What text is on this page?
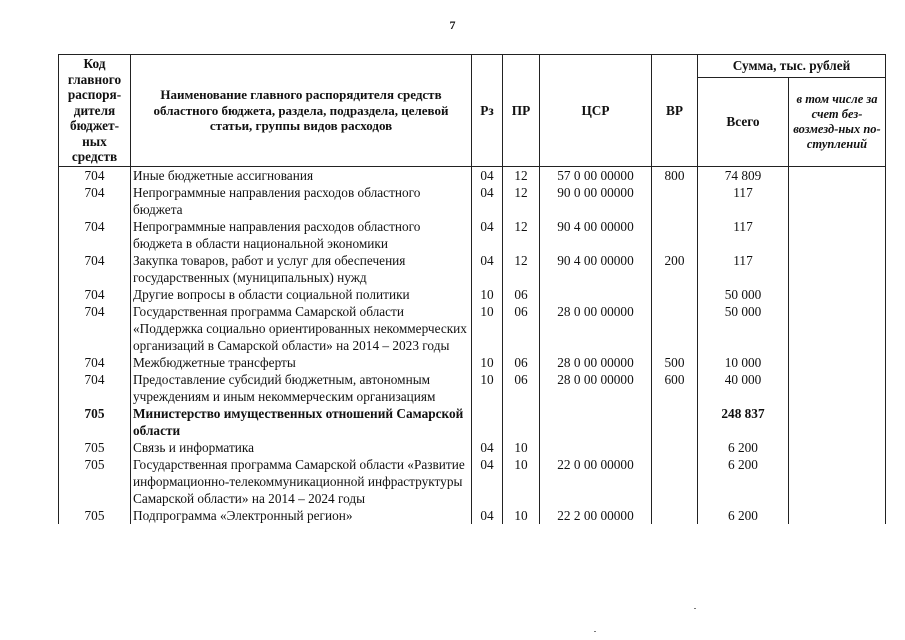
7
Код главного распоря-дителя бюджет-ных средств	Наименование главного распорядителя средств областного бюджета, раздела, подраздела, целевой статьи, группы видов расходов	Рз	ПР	ЦСР	ВР	Сумма, тыс. рублей	
						Всего	в том числе за счет без-возмезд-ных по-ступлений
704	Иные бюджетные ассигнования	04	12	57 0 00 00000	800	74 809	
704	Непрограммные направления расходов областного бюджета	04	12	90 0 00 00000		117	
704	Непрограммные направления расходов областного бюджета в области национальной экономики	04	12	90 4 00 00000		117	
704	Закупка товаров, работ и услуг для обеспечения государственных (муниципальных) нужд	04	12	90 4 00 00000	200	117	
704	Другие вопросы в области социальной политики	10	06			50 000	
704	Государственная программа Самарской области «Поддержка социально ориентированных некоммерческих организаций в Самарской области» на 2014 – 2023 годы	10	06	28 0 00 00000		50 000	
704	Межбюджетные трансферты	10	06	28 0 00 00000	500	10 000	
704	Предоставление субсидий бюджетным, автономным учреждениям и иным некоммерческим организациям	10	06	28 0 00 00000	600	40 000	
705	Министерство имущественных отношений Самарской области					248 837	
705	Связь и информатика	04	10			6 200	
705	Государственная программа Самарской области «Развитие информационно-телекоммуникационной инфраструктуры Самарской области» на 2014 – 2024 годы	04	10	22 0 00 00000		6 200	
705	Подпрограмма «Электронный регион»	04	10	22 2 00 00000		6 200	
